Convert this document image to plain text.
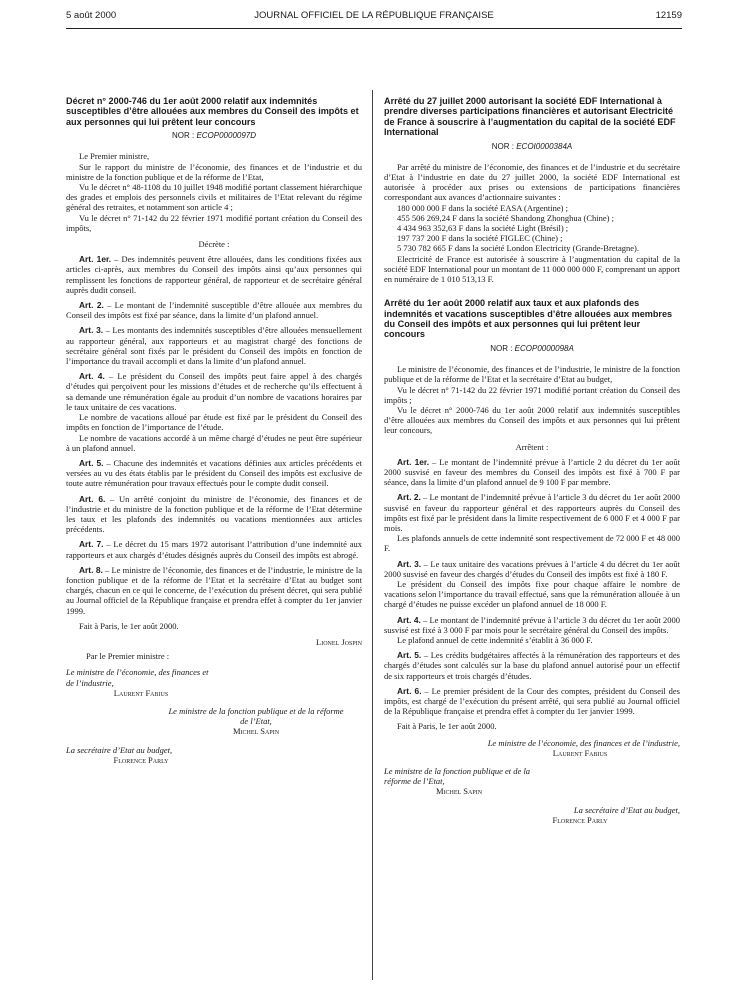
5 août 2000	JOURNAL OFFICIEL DE LA RÉPUBLIQUE FRANÇAISE	12159
Décret n° 2000-746 du 1er août 2000 relatif aux indemnités susceptibles d’être allouées aux membres du Conseil des impôts et aux personnes qui lui prêtent leur concours
NOR : ECOP0000097D

Le Premier ministre,

Sur le rapport du ministre de l’économie, des finances et de l’industrie et du ministre de la fonction publique et de la réforme de l’Etat,

Vu le décret n° 48-1108 du 10 juillet 1948 modifié portant classement hiérarchique des grades et emplois des personnels civils et militaires de l’Etat relevant du régime général des retraites, et notamment son article 4 ;

Vu le décret n° 71-142 du 22 février 1971 modifié portant création du Conseil des impôts,

Décrète :

Art. 1er. – Des indemnités peuvent être allouées, dans les conditions fixées aux articles ci-après, aux membres du Conseil des impôts ainsi qu’aux personnes qui remplissent les fonctions de rapporteur général, de rapporteur et de secrétaire général auprès dudit conseil.

Art. 2. – Le montant de l’indemnité susceptible d’être allouée aux membres du Conseil des impôts est fixé par séance, dans la limite d’un plafond annuel.

Art. 3. – Les montants des indemnités susceptibles d’être allouées mensuellement au rapporteur général, aux rapporteurs et au magistrat chargé des fonctions de secrétaire général sont fixés par le président du Conseil des impôts en fonction de l’importance du travail accompli et dans la limite d’un plafond annuel.

Art. 4. – Le président du Conseil des impôts peut faire appel à des chargés d’études qui perçoivent pour les missions d’études et de recherche qu’ils effectuent à sa demande une rémunération égale au produit d’un nombre de vacations horaires par le taux unitaire de ces vacations.

Le nombre de vacations alloué par étude est fixé par le président du Conseil des impôts en fonction de l’importance de l’étude.

Le nombre de vacations accordé à un même chargé d’études ne peut être supérieur à un plafond annuel.

Art. 5. – Chacune des indemnités et vacations définies aux articles précédents et versées au vu des états établis par le président du Conseil des impôts est exclusive de toute autre rémunération pour travaux effectués pour le compte dudit conseil.

Art. 6. – Un arrêté conjoint du ministre de l’économie, des finances et de l’industrie et du ministre de la fonction publique et de la réforme de l’Etat détermine les taux et les plafonds des indemnités ou vacations mentionnées aux articles précédents.

Art. 7. – Le décret du 15 mars 1972 autorisant l’attribution d’une indemnité aux rapporteurs et aux chargés d’études désignés auprès du Conseil des impôts est abrogé.

Art. 8. – Le ministre de l’économie, des finances et de l’industrie, le ministre de la fonction publique et de la réforme de l’Etat et la secrétaire d’Etat au budget sont chargés, chacun en ce qui le concerne, de l’exécution du présent décret, qui sera publié au Journal officiel de la République française et prendra effet à compter du 1er janvier 1999.

Fait à Paris, le 1er août 2000.

Lionel Jospin

Par le Premier ministre :

Le ministre de l’économie, des finances et de l’industrie,
Laurent Fabius
Le ministre de la fonction publique et de la réforme de l’Etat,
Michel Sapin
La secrétaire d’Etat au budget,
Florence Parly
Arrêté du 27 juillet 2000 autorisant la société EDF International à prendre diverses participations financières et autorisant Electricité de France à souscrire à l’augmentation du capital de la société EDF International
NOR : ECOI0000384A

Par arrêté du ministre de l’économie, des finances et de l’industrie et du secrétaire d’Etat à l’industrie en date du 27 juillet 2000, la société EDF International est autorisée à procéder aux prises ou extensions de participations financières correspondant aux avances d’actionnaire suivantes :

180 000 000 F dans la société EASA (Argentine) ;

455 506 269,24 F dans la société Shandong Zhonghua (Chine) ;

4 434 963 352,63 F dans la société Light (Brésil) ;

197 737 200 F dans la société FIGLEC (Chine) ;

5 730 782 665 F dans la société London Electricity (Grande-Bretagne).

Electricité de France est autorisée à souscrire à l’augmentation du capital de la société EDF International pour un montant de 11 000 000 000 F, comprenant un apport en numéraire de 1 010 513,13 F.

Arrêté du 1er août 2000 relatif aux taux et aux plafonds des indemnités et vacations susceptibles d’être allouées aux membres du Conseil des impôts et aux personnes qui lui prêtent leur concours
NOR : ECOP0000098A

Le ministre de l’économie, des finances et de l’industrie, le ministre de la fonction publique et de la réforme de l’Etat et la secrétaire d’Etat au budget,

Vu le décret n° 71-142 du 22 février 1971 modifié portant création du Conseil des impôts ;

Vu le décret n° 2000-746 du 1er août 2000 relatif aux indemnités susceptibles d’être allouées aux membres du Conseil des impôts et aux personnes qui lui prêtent leur concours,

Arrêtent :

Art. 1er. – Le montant de l’indemnité prévue à l’article 2 du décret du 1er août 2000 susvisé en faveur des membres du Conseil des impôts est fixé à 700 F par séance, dans la limite d’un plafond annuel de 9 100 F par membre.

Art. 2. – Le montant de l’indemnité prévue à l’article 3 du décret du 1er août 2000 susvisé en faveur du rapporteur général et des rapporteurs auprès du Conseil des impôts est fixé par le président dans la limite respectivement de 6 000 F et 4 000 F par mois.

Les plafonds annuels de cette indemnité sont respectivement de 72 000 F et 48 000 F.

Art. 3. – Le taux unitaire des vacations prévues à l’article 4 du décret du 1er août 2000 susvisé en faveur des chargés d’études du Conseil des impôts est fixé à 180 F.

Le président du Conseil des impôts fixe pour chaque affaire le nombre de vacations selon l’importance du travail effectué, sans que la rémunération allouée à un chargé d’études ne puisse excéder un plafond annuel de 18 000 F.

Art. 4. – Le montant de l’indemnité prévue à l’article 3 du décret du 1er août 2000 susvisé est fixé à 3 000 F par mois pour le secrétaire général du Conseil des impôts.

Le plafond annuel de cette indemnité s’établit à 36 000 F.

Art. 5. – Les crédits budgétaires affectés à la rémunération des rapporteurs et des chargés d’études sont calculés sur la base du plafond annuel autorisé pour un effectif de six rapporteurs et trois chargés d’études.

Art. 6. – Le premier président de la Cour des comptes, président du Conseil des impôts, est chargé de l’exécution du présent arrêté, qui sera publié au Journal officiel de la République française et prendra effet à compter du 1er janvier 1999.

Fait à Paris, le 1er août 2000.

Le ministre de l’économie, des finances et de l’industrie,
Laurent Fabius
Le ministre de la fonction publique et de la réforme de l’Etat,
Michel Sapin
La secrétaire d’Etat au budget,
Florence Parly
